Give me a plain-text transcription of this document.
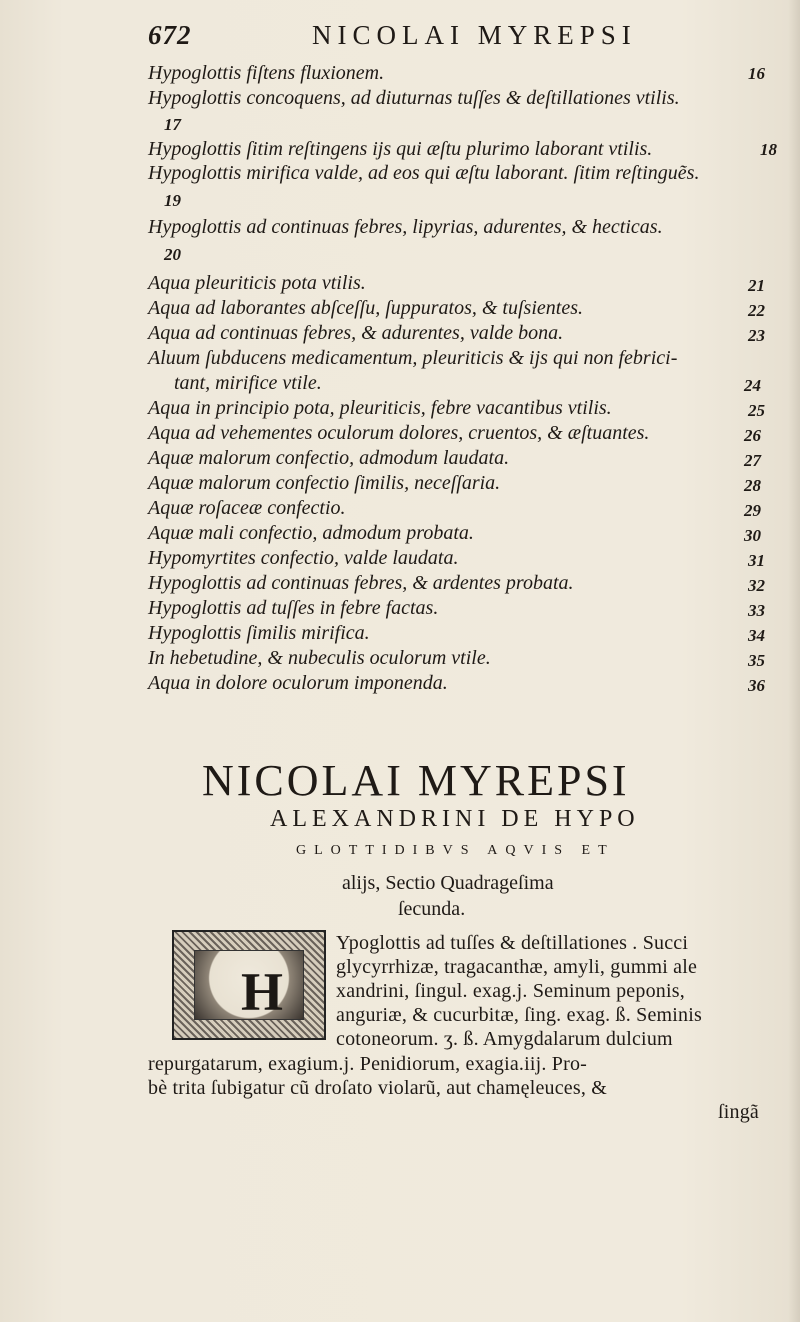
672	NICOLAI MYREPSI
Hypoglottis fiſtens fluxionem.	16
Hypoglottis concoquens, ad diuturnas tuſſes & deſtillationes vtilis.
17
Hypoglottis ſitim reſtingens ijs qui æſtu plurimo laborant vtilis.	18
Hypoglottis mirifica valde, ad eos qui æſtu laborant. ſitim reſtinguẽs.
19
Hypoglottis ad continuas febres, lipyrias, adurentes, & hecticas.
20
Aqua pleuriticis pota vtilis.	21
Aqua ad laborantes abſceſſu, ſuppuratos, & tuſsientes.	22
Aqua ad continuas febres, & adurentes, valde bona.	23
Aluum ſubducens medicamentum, pleuriticis & ijs qui non febrici-
tant, mirifice vtile.	24
Aqua in principio pota, pleuriticis, febre vacantibus vtilis.	25
Aqua ad vehementes oculorum dolores, cruentos, & æſtuantes.	26
Aquæ malorum confectio, admodum laudata.	27
Aquæ malorum confectio ſimilis, neceſſaria.	28
Aquæ roſaceæ confectio.	29
Aquæ mali confectio, admodum probata.	30
Hypomyrtites confectio, valde laudata.	31
Hypoglottis ad continuas febres, & ardentes probata.	32
Hypoglottis ad tuſſes in febre factas.	33
Hypoglottis ſimilis mirifica.	34
In hebetudine, & nubeculis oculorum vtile.	35
Aqua in dolore oculorum imponenda.	36
NICOLAI MYREPSI
ALEXANDRINI DE HYPO
GLOTTIDIBVS AQVIS ET
alijs, Sectio Quadrageſima
ſecunda.
H
Ypoglottis ad tuſſes & deſtillationes . Succi
glycyrrhizæ, tragacanthæ, amyli, gummi ale
xandrini, ſingul. exag.j. Seminum peponis,
anguriæ, & cucurbitæ, ſing. exag. ß. Seminis
cotoneorum. ʒ. ß. Amygdalarum dulcium
repurgatarum, exagium.j. Penidiorum, exagia.iij. Pro-
bè trita ſubigatur cũ droſato violarũ, aut chamęleuces, &
ſingã
